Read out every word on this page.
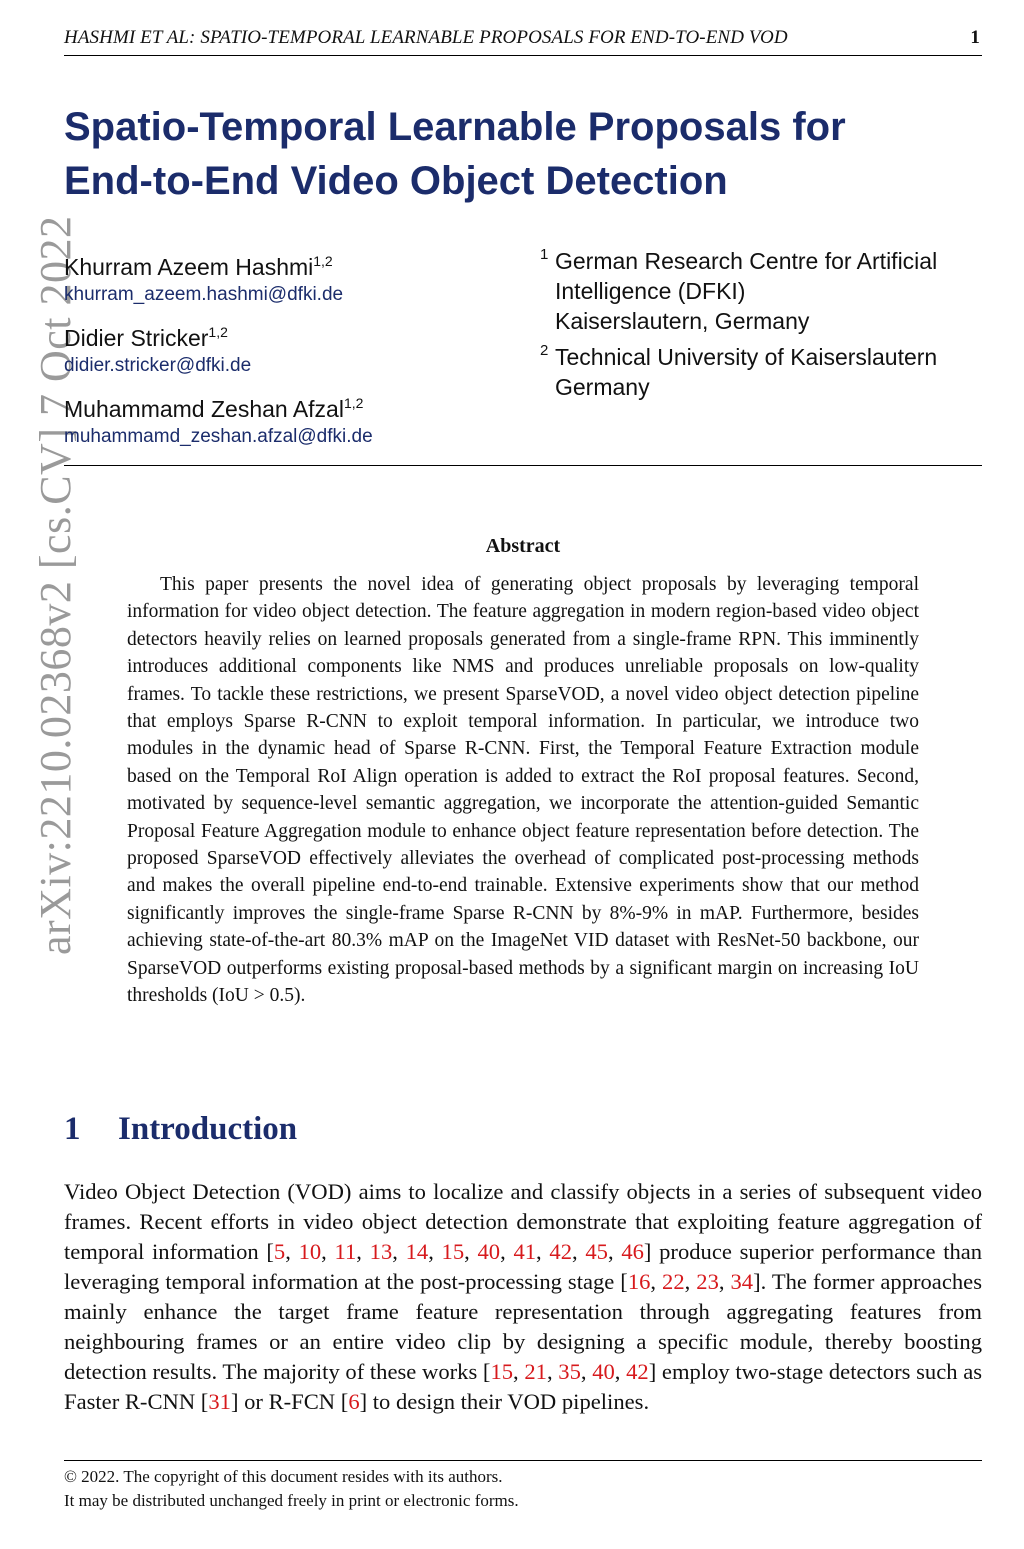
HASHMI ET AL: SPATIO-TEMPORAL LEARNABLE PROPOSALS FOR END-TO-END VOD	1
arXiv:2210.02368v2 [cs.CV] 7 Oct 2022
Spatio-Temporal Learnable Proposals for
End-to-End Video Object Detection
Khurram Azeem Hashmi$^{1,2}$
khurram_azeem.hashmi@dfki.de
Didier Stricker$^{1,2}$
didier.stricker@dfki.de
Muhammamd Zeshan Afzal$^{1,2}$
muhammamd_zeshan.afzal@dfki.de
1 German Research Centre for Artificial
Intelligence (DFKI)
Kaiserslautern, Germany
2 Technical University of Kaiserslautern
Germany
Abstract
This paper presents the novel idea of generating object proposals by leveraging temporal information for video object detection. The feature aggregation in modern region-based video object detectors heavily relies on learned proposals generated from a single-frame RPN. This imminently introduces additional components like NMS and produces unreliable proposals on low-quality frames. To tackle these restrictions, we present SparseVOD, a novel video object detection pipeline that employs Sparse R-CNN to exploit temporal information. In particular, we introduce two modules in the dynamic head of Sparse R-CNN. First, the Temporal Feature Extraction module based on the Temporal RoI Align operation is added to extract the RoI proposal features. Second, motivated by sequence-level semantic aggregation, we incorporate the attention-guided Semantic Proposal Feature Aggregation module to enhance object feature representation before detection. The proposed SparseVOD effectively alleviates the overhead of complicated post-processing methods and makes the overall pipeline end-to-end trainable. Extensive experiments show that our method significantly improves the single-frame Sparse R-CNN by 8%-9% in mAP. Furthermore, besides achieving state-of-the-art 80.3% mAP on the ImageNet VID dataset with ResNet-50 backbone, our SparseVOD outperforms existing proposal-based methods by a significant margin on increasing IoU thresholds (IoU > 0.5).
1 Introduction
Video Object Detection (VOD) aims to localize and classify objects in a series of subsequent video frames. Recent efforts in video object detection demonstrate that exploiting feature aggregation of temporal information [5, 10, 11, 13, 14, 15, 40, 41, 42, 45, 46] produce superior performance than leveraging temporal information at the post-processing stage [16, 22, 23, 34]. The former approaches mainly enhance the target frame feature representation through aggregating features from neighbouring frames or an entire video clip by designing a specific module, thereby boosting detection results. The majority of these works [15, 21, 35, 40, 42] employ two-stage detectors such as Faster R-CNN [31] or R-FCN [6] to design their VOD pipelines.
© 2022. The copyright of this document resides with its authors.
It may be distributed unchanged freely in print or electronic forms.
